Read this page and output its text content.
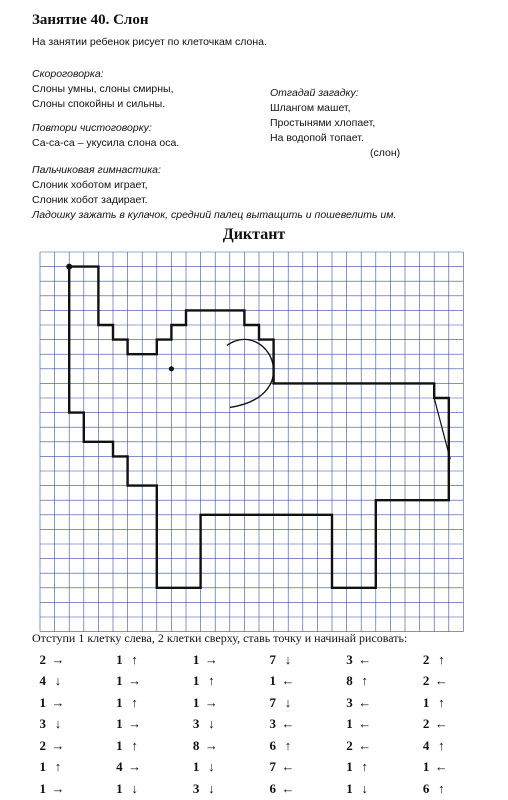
Занятие 40. Слон
На занятии ребенок рисует по клеточкам слона.
Скороговорка:
Слоны умны, слоны смирны,
Слоны спокойны и сильны.
Отгадай загадку:
Шлангом машет,
Простынями хлопает,
На водопой топает.
(слон)
Повтори чистоговорку:
Са-са-са – укусила слона оса.
Пальчиковая гимнастика:
Слоник хоботом играет,
Слоник хобот задирает.
Ладошку зажать в кулачок, средний палец вытащить и пошевелить им.
Диктант
Отступи 1 клетку слева, 2 клетки сверху, ставь точку и начинай рисовать:
2 →	1 ↑	1 →	7 ↓	3 ←	2 ↑
4 ↓	1 →	1 ↑	1 ←	8 ↑	2 ←
1 →	1 ↑	1 →	7 ↓	3 ←	1 ↑
3 ↓	1 →	3 ↓	3 ←	1 ←	2 ←
2 →	1 ↑	8 →	6 ↑	2 ←	4 ↑
1 ↑	4 →	1 ↓	7 ←	1 ↑	1 ←
1 →	1 ↓	3 ↓	6 ←	1 ↓	6 ↑
